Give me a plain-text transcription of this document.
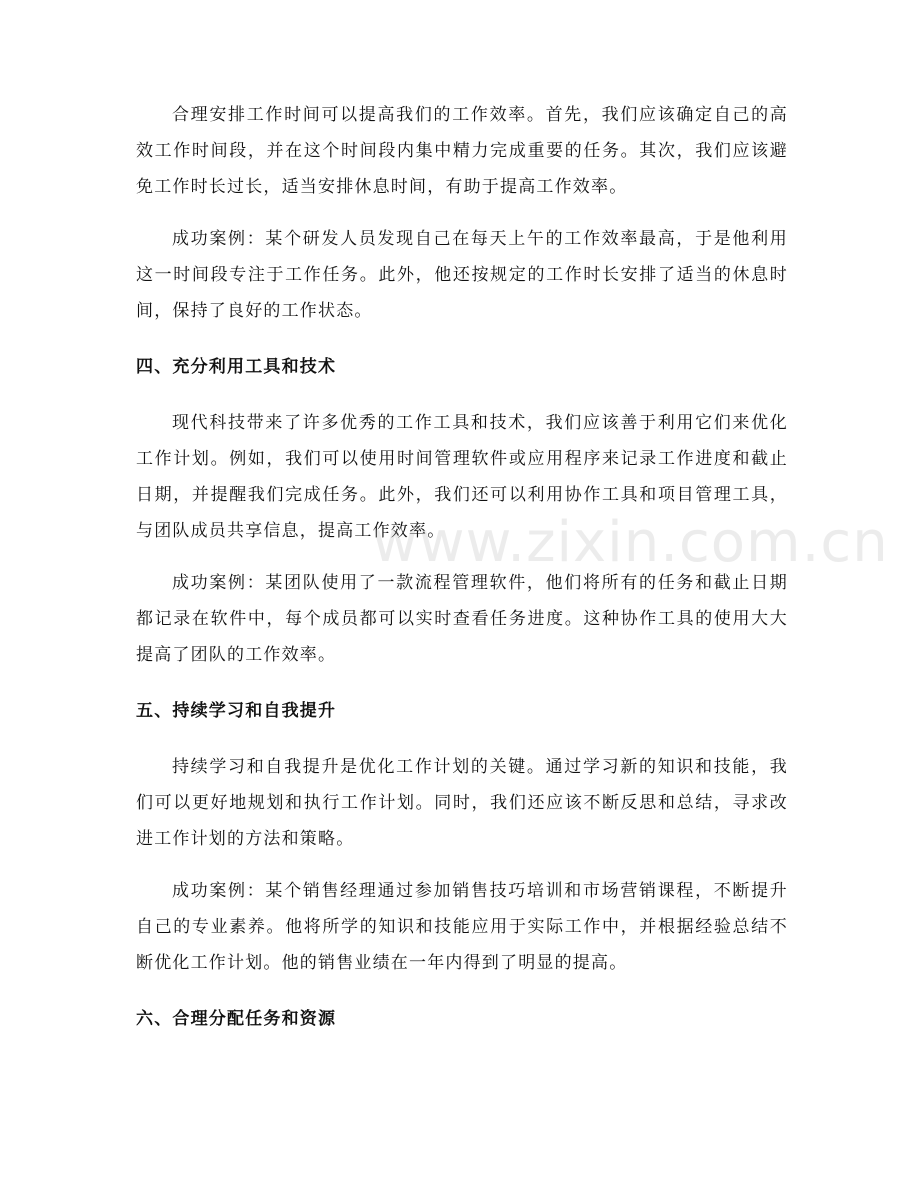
合理安排工作时间可以提高我们的工作效率。首先，我们应该确定自己的高效工作时间段，并在这个时间段内集中精力完成重要的任务。其次，我们应该避免工作时长过长，适当安排休息时间，有助于提高工作效率。

成功案例：某个研发人员发现自己在每天上午的工作效率最高，于是他利用这一时间段专注于工作任务。此外，他还按规定的工作时长安排了适当的休息时间，保持了良好的工作状态。

四、充分利用工具和技术

现代科技带来了许多优秀的工作工具和技术，我们应该善于利用它们来优化工作计划。例如，我们可以使用时间管理软件或应用程序来记录工作进度和截止日期，并提醒我们完成任务。此外，我们还可以利用协作工具和项目管理工具，与团队成员共享信息，提高工作效率。

成功案例：某团队使用了一款流程管理软件，他们将所有的任务和截止日期都记录在软件中，每个成员都可以实时查看任务进度。这种协作工具的使用大大提高了团队的工作效率。

五、持续学习和自我提升

持续学习和自我提升是优化工作计划的关键。通过学习新的知识和技能，我们可以更好地规划和执行工作计划。同时，我们还应该不断反思和总结，寻求改进工作计划的方法和策略。

成功案例：某个销售经理通过参加销售技巧培训和市场营销课程，不断提升自己的专业素养。他将所学的知识和技能应用于实际工作中，并根据经验总结不断优化工作计划。他的销售业绩在一年内得到了明显的提高。

六、合理分配任务和资源
www.zixin.com.cn
